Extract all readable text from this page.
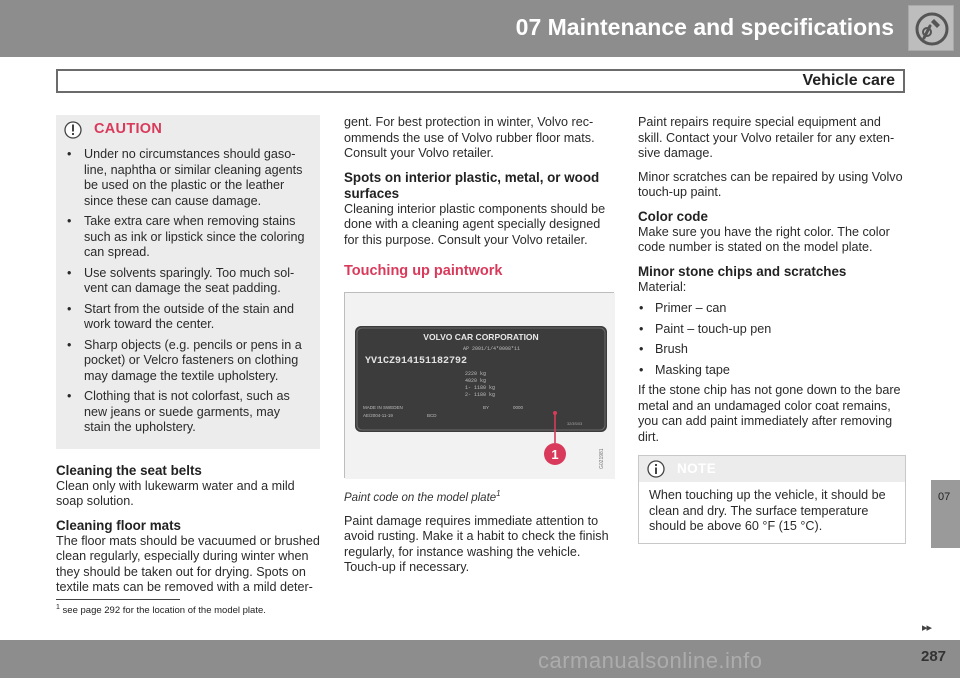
07 Maintenance and specifications
Vehicle care
CAUTION
• Under no circumstances should gaso-line, naphtha or similar cleaning agents be used on the plastic or the leather since these can cause damage.
• Take extra care when removing stains such as ink or lipstick since the coloring can spread.
• Use solvents sparingly. Too much sol-vent can damage the seat padding.
• Start from the outside of the stain and work toward the center.
• Sharp objects (e.g. pencils or pens in a pocket) or Velcro fasteners on clothing may damage the textile upholstery.
• Clothing that is not colorfast, such as new jeans or suede garments, may stain the upholstery.
Cleaning the seat belts

Clean only with lukewarm water and a mild soap solution.

Cleaning floor mats

The floor mats should be vacuumed or brushed clean regularly, especially during winter when they should be taken out for drying. Spots on textile mats can be removed with a mild deter-

gent. For best protection in winter, Volvo rec-ommends the use of Volvo rubber floor mats. Consult your Volvo retailer.

Spots on interior plastic, metal, or wood surfaces

Cleaning interior plastic components should be done with a cleaning agent specially designed for this purpose. Consult your Volvo retailer.

Touching up paintwork
VOLVO CAR CORPORATION
AP 2001/1/4*0008*11
YV1CZ914151182792
2220 kg
4020 kg
1- 1180 kg
2- 1180 kg
MADE IN SWEDEN
AE/2004-11-19	BCD
BY	0000
32/3S/03
1	G021981

Paint code on the model plate$^1$

Paint damage requires immediate attention to avoid rusting. Make it a habit to check the finish regularly, for instance washing the vehicle. Touch-up if necessary.

Paint repairs require special equipment and skill. Contact your Volvo retailer for any exten-sive damage.

Minor scratches can be repaired by using Volvo touch-up paint.

Color code

Make sure you have the right color. The color code number is stated on the model plate.

Minor stone chips and scratches

Material:

• Primer – can
• Paint – touch-up pen
• Brush
• Masking tape

If the stone chip has not gone down to the bare metal and an undamaged color coat remains, you can add paint immediately after removing dirt.

NOTE
When touching up the vehicle, it should be clean and dry. The surface temperature should be above 60 °F (15 °C).
$^1$ see page 292 for the location of the model plate.
07
carmanualsonline.info
▸▸
287
